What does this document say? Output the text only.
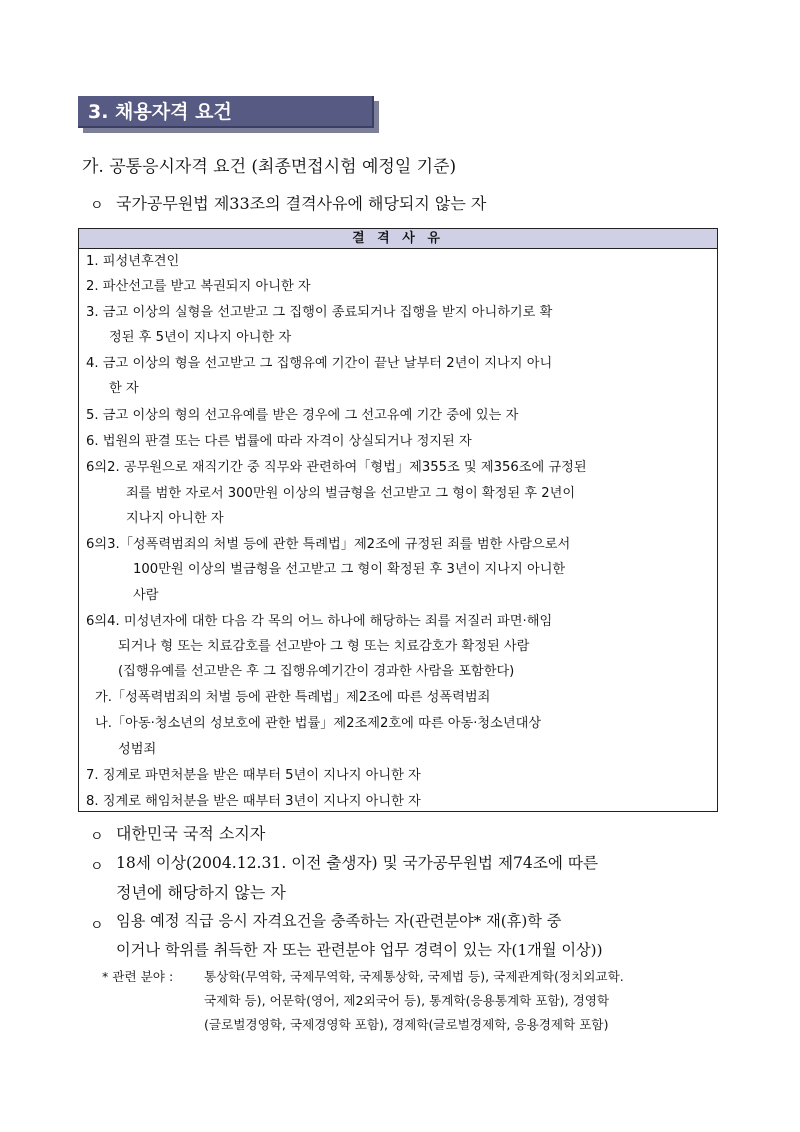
3. 채용자격 요건
가. 공통응시자격 요건 (최종면접시험 예정일 기준)
ㅇ 국가공무원법 제33조의 결격사유에 해당되지 않는 자
결 격 사 유
1. 피성년후견인
2. 파산선고를 받고 복권되지 아니한 자
3. 금고 이상의 실형을 선고받고 그 집행이 종료되거나 집행을 받지 아니하기로 확
정된 후 5년이 지나지 아니한 자
4. 금고 이상의 형을 선고받고 그 집행유예 기간이 끝난 날부터 2년이 지나지 아니
한 자
5. 금고 이상의 형의 선고유예를 받은 경우에 그 선고유예 기간 중에 있는 자
6. 법원의 판결 또는 다른 법률에 따라 자격이 상실되거나 정지된 자
6의2. 공무원으로 재직기간 중 직무와 관련하여「형법」제355조 및 제356조에 규정된
죄를 범한 자로서 300만원 이상의 벌금형을 선고받고 그 형이 확정된 후 2년이
지나지 아니한 자
6의3.「성폭력범죄의 처벌 등에 관한 특례법」제2조에 규정된 죄를 범한 사람으로서
100만원 이상의 벌금형을 선고받고 그 형이 확정된 후 3년이 지나지 아니한
사람
6의4. 미성년자에 대한 다음 각 목의 어느 하나에 해당하는 죄를 저질러 파면·해임
되거나 형 또는 치료감호를 선고받아 그 형 또는 치료감호가 확정된 사람
(집행유예를 선고받은 후 그 집행유예기간이 경과한 사람을 포함한다)
가.「성폭력범죄의 처벌 등에 관한 특례법」제2조에 따른 성폭력범죄
나.「아동·청소년의 성보호에 관한 법률」제2조제2호에 따른 아동·청소년대상
성범죄
7. 징계로 파면처분을 받은 때부터 5년이 지나지 아니한 자
8. 징계로 해임처분을 받은 때부터 3년이 지나지 아니한 자
ㅇ 대한민국 국적 소지자
ㅇ 18세 이상(2004.12.31. 이전 출생자) 및 국가공무원법 제74조에 따른
정년에 해당하지 않는 자
ㅇ 임용 예정 직급 응시 자격요건을 충족하는 자(관련분야* 재(휴)학 중
이거나 학위를 취득한 자 또는 관련분야 업무 경력이 있는 자(1개월 이상))
* 관련 분야 : 통상학(무역학, 국제무역학, 국제통상학, 국제법 등), 국제관계학(정치외교학.
국제학 등), 어문학(영어, 제2외국어 등), 통계학(응용통계학 포함), 경영학
(글로벌경영학, 국제경영학 포함), 경제학(글로벌경제학, 응용경제학 포함)
